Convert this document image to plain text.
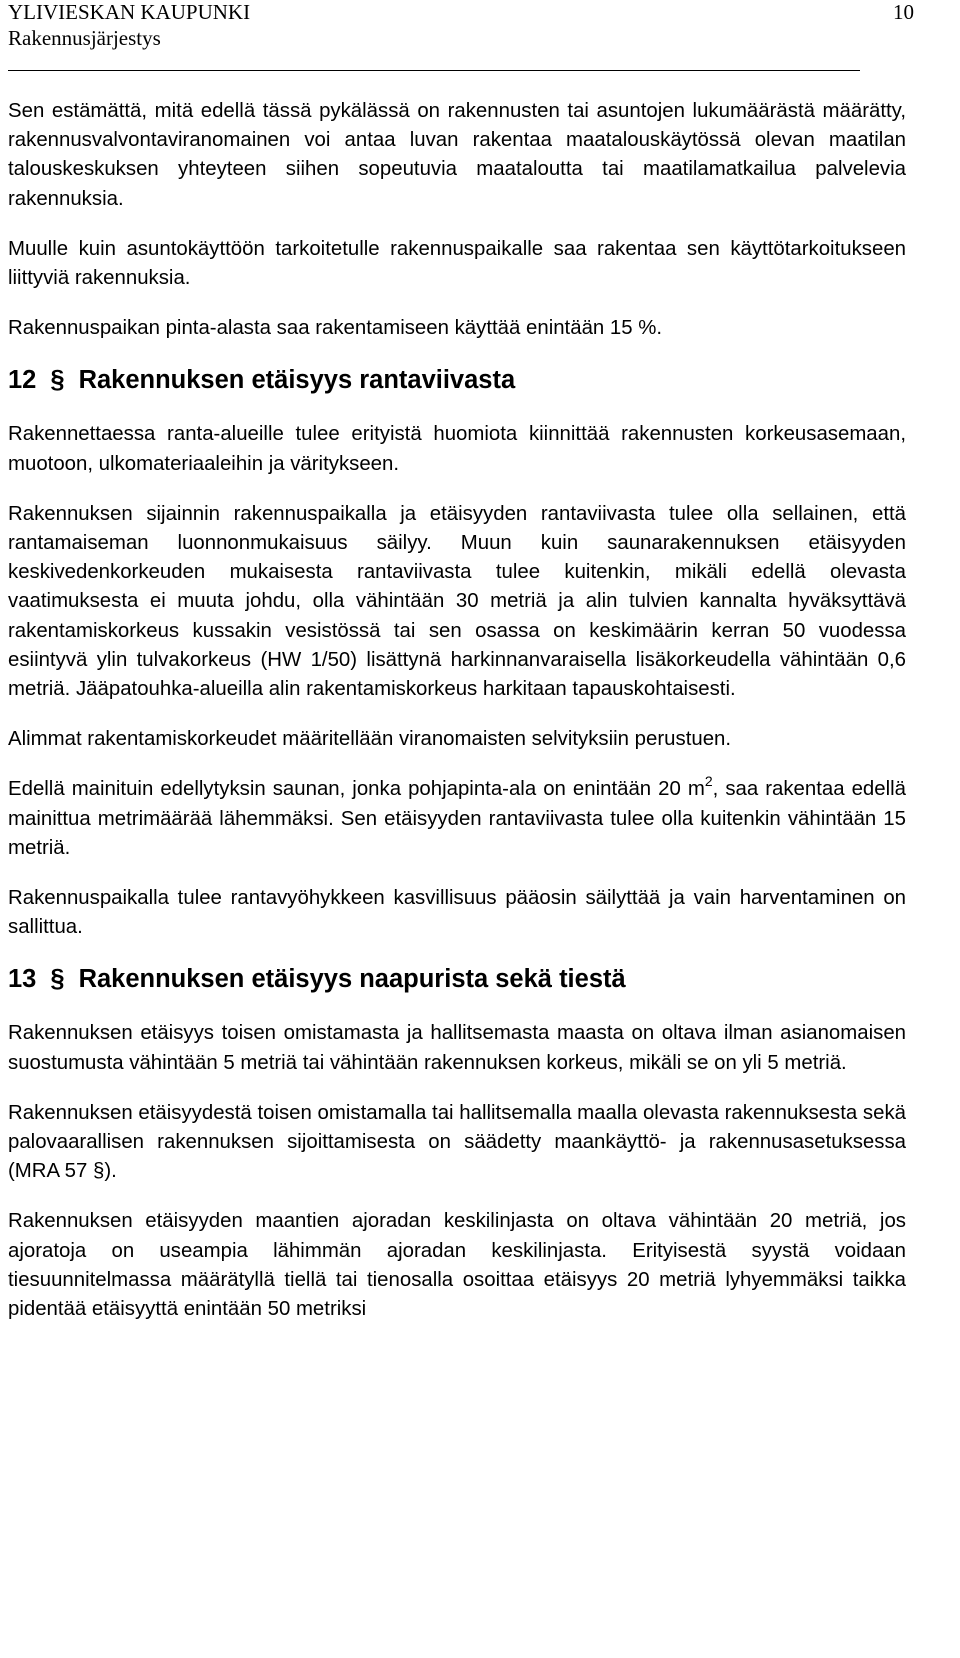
YLIVIESKAN KAUPUNKI	10
Rakennusjärjestys

Sen estämättä, mitä edellä tässä pykälässä on rakennusten tai asuntojen lukumäärästä määrätty, rakennusvalvontaviranomainen voi antaa luvan rakentaa maatalouskäytössä olevan maatilan talouskeskuksen yhteyteen siihen sopeutuvia maataloutta tai maatilamatkailua palvelevia rakennuksia.

Muulle kuin asuntokäyttöön tarkoitetulle rakennuspaikalle saa rakentaa sen käyttötarkoitukseen liittyviä rakennuksia.

Rakennuspaikan pinta-alasta saa rakentamiseen käyttää enintään 15 %.

12 § Rakennuksen etäisyys rantaviivasta

Rakennettaessa ranta-alueille tulee erityistä huomiota kiinnittää rakennusten korkeusasemaan, muotoon, ulkomateriaaleihin ja väritykseen.

Rakennuksen sijainnin rakennuspaikalla ja etäisyyden rantaviivasta tulee olla sellainen, että rantamaiseman luonnonmukaisuus säilyy. Muun kuin saunarakennuksen etäisyyden keskivedenkorkeuden mukaisesta rantaviivasta tulee kuitenkin, mikäli edellä olevasta vaatimuksesta ei muuta johdu, olla vähintään 30 metriä ja alin tulvien kannalta hyväksyttävä rakentamiskorkeus kussakin vesistössä tai sen osassa on keskimäärin kerran 50 vuodessa esiintyvä ylin tulvakorkeus (HW 1/50) lisättynä harkinnanvaraisella lisäkorkeudella vähintään 0,6 metriä. Jääpatouhka-alueilla alin rakentamiskorkeus harkitaan tapauskohtaisesti.

Alimmat rakentamiskorkeudet määritellään viranomaisten selvityksiin perustuen.

Edellä mainituin edellytyksin saunan, jonka pohjapinta-ala on enintään 20 $m^2$, saa rakentaa edellä mainittua metrimäärää lähemmäksi. Sen etäisyyden rantaviivasta tulee olla kuitenkin vähintään 15 metriä.

Rakennuspaikalla tulee rantavyöhykkeen kasvillisuus pääosin säilyttää ja vain harventaminen on sallittua.

13 § Rakennuksen etäisyys naapurista sekä tiestä

Rakennuksen etäisyys toisen omistamasta ja hallitsemasta maasta on oltava ilman asianomaisen suostumusta vähintään 5 metriä tai vähintään rakennuksen korkeus, mikäli se on yli 5 metriä.

Rakennuksen etäisyydestä toisen omistamalla tai hallitsemalla maalla olevasta rakennuksesta sekä palovaarallisen rakennuksen sijoittamisesta on säädetty maankäyttö- ja rakennusasetuksessa (MRA 57 §).

Rakennuksen etäisyyden maantien ajoradan keskilinjasta on oltava vähintään 20 metriä, jos ajoratoja on useampia lähimmän ajoradan keskilinjasta. Erityisestä syystä voidaan tiesuunnitelmassa määrätyllä tiellä tai tienosalla osoittaa etäisyys 20 metriä lyhyemmäksi taikka pidentää etäisyyttä enintään 50 metriksi
